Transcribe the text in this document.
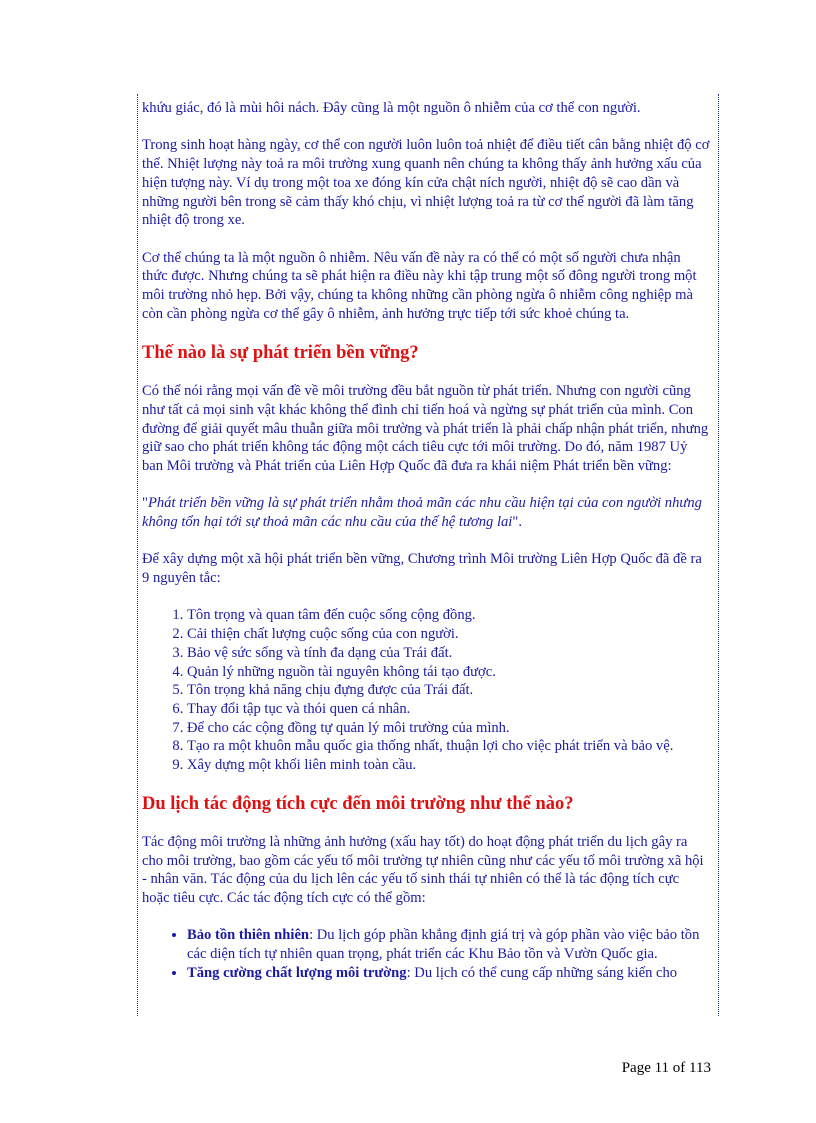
khứu giác, đó là mùi hôi nách. Đây cũng là một nguồn ô nhiễm của cơ thể con người.

Trong sinh hoạt hàng ngày, cơ thể con người luôn luôn toả nhiệt để điều tiết cân bằng nhiệt độ cơ thể. Nhiệt lượng này toả ra môi trường xung quanh nên chúng ta không thấy ảnh hưởng xấu của hiện tượng này. Ví dụ trong một toa xe đóng kín cửa chật ních người, nhiệt độ sẽ cao dần và những người bên trong sẽ cảm thấy khó chịu, vì nhiệt lượng toả ra từ cơ thể người đã làm tăng nhiệt độ trong xe.

Cơ thể chúng ta là một nguồn ô nhiễm. Nêu vấn đề này ra có thể có một số người chưa nhận thức được. Nhưng chúng ta sẽ phát hiện ra điều này khi tập trung một số đông người trong một môi trường nhỏ hẹp. Bởi vậy, chúng ta không những cần phòng ngừa ô nhiễm công nghiệp mà còn cần phòng ngừa cơ thể gây ô nhiễm, ảnh hưởng trực tiếp tới sức khoẻ chúng ta.

Thế nào là sự phát triển bền vững?

Có thể nói rằng mọi vấn đề về môi trường đều bắt nguồn từ phát triển. Nhưng con người cũng như tất cả mọi sinh vật khác không thể đình chỉ tiến hoá và ngừng sự phát triển của mình. Con đường để giải quyết mâu thuẫn giữa môi trường và phát triển là phải chấp nhận phát triển, nhưng giữ sao cho phát triển không tác động một cách tiêu cực tới môi trường. Do đó, năm 1987 Uỷ ban Môi trường và Phát triển của Liên Hợp Quốc đã đưa ra khái niệm Phát triển bền vững:

"Phát triển bền vững là sự phát triển nhằm thoả mãn các nhu cầu hiện tại của con người nhưng không tổn hại tới sự thoả mãn các nhu cầu của thế hệ tương lai".

Để xây dựng một xã hội phát triển bền vững, Chương trình Môi trường Liên Hợp Quốc đã đề ra 9 nguyên tắc:

1. Tôn trọng và quan tâm đến cuộc sống cộng đồng.
2. Cải thiện chất lượng cuộc sống của con người.
3. Bảo vệ sức sống và tính đa dạng của Trái đất.
4. Quản lý những nguồn tài nguyên không tái tạo được.
5. Tôn trọng khả năng chịu đựng được của Trái đất.
6. Thay đổi tập tục và thói quen cá nhân.
7. Để cho các cộng đồng tự quản lý môi trường của mình.
8. Tạo ra một khuôn mẫu quốc gia thống nhất, thuận lợi cho việc phát triển và bảo vệ.
9. Xây dựng một khối liên minh toàn cầu.
Du lịch tác động tích cực đến môi trường như thế nào?

Tác động môi trường là những ảnh hưởng (xấu hay tốt) do hoạt động phát triển du lịch gây ra cho môi trường, bao gồm các yếu tố môi trường tự nhiên cũng như các yếu tố môi trường xã hội - nhân văn. Tác động của du lịch lên các yếu tố sinh thái tự nhiên có thể là tác động tích cực hoặc tiêu cực. Các tác động tích cực có thể gồm:

• Bảo tồn thiên nhiên: Du lịch góp phần khẳng định giá trị và góp phần vào việc bảo tồn các diện tích tự nhiên quan trọng, phát triển các Khu Bảo tồn và Vườn Quốc gia.
• Tăng cường chất lượng môi trường: Du lịch có thể cung cấp những sáng kiến cho
Page 11 of 113
